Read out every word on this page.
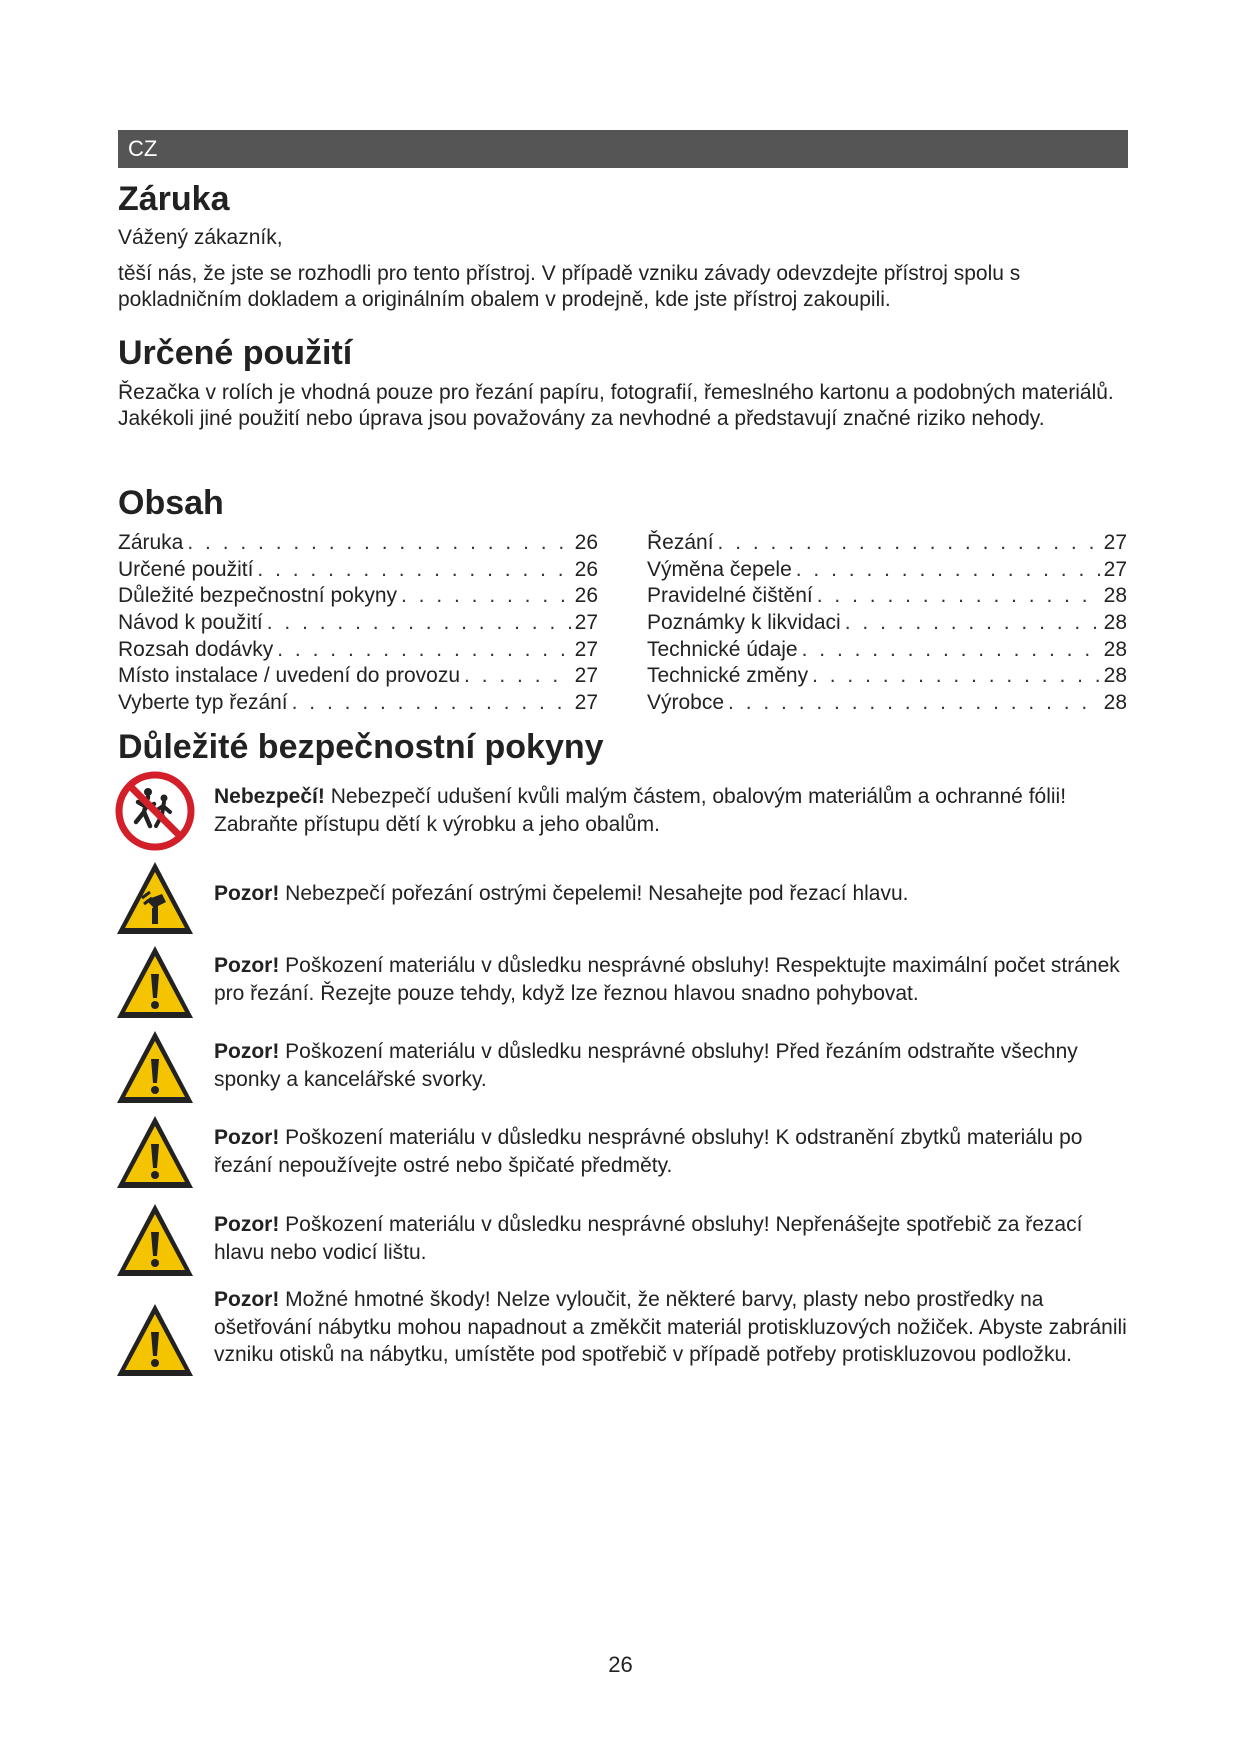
CZ
Záruka

Vážený zákazník,

těší nás, že jste se rozhodli pro tento přístroj. V případě vzniku závady odevzdejte přístroj spolu s pokladničním dokladem a originálním obalem v prodejně, kde jste přístroj zakoupili.

Určené použití

Řezačka v rolích je vhodná pouze pro řezání papíru, fotografií, řemeslného kartonu a podobných materiálů. Jakékoli jiné použití nebo úprava jsou považovány za nevhodné a představují značné riziko nehody.

Obsah
Záruka . . .	26
Určené použití . . .	26
Důležité bezpečnostní pokyny . . .	26
Návod k použití . . .	27
Rozsah dodávky . . .	27
Místo instalace / uvedení do provozu . . .	27
Vyberte typ řezání . . .	27
Řezání . . .	27
Výměna čepele . . .	27
Pravidelné čištění . . .	28
Poznámky k likvidaci . . .	28
Technické údaje . . .	28
Technické změny . . .	28
Výrobce . . .	28
Důležité bezpečnostní pokyny

Nebezpečí! Nebezpečí udušení kvůli malým částem, obalovým materiálům a ochranné fólii! Zabraňte přístupu dětí k výrobku a jeho obalům.

Pozor! Nebezpečí pořezání ostrými čepelemi! Nesahejte pod řezací hlavu.

Pozor! Poškození materiálu v důsledku nesprávné obsluhy! Respektujte maximální počet stránek pro řezání. Řezejte pouze tehdy, když lze řeznou hlavou snadno pohybovat.

Pozor! Poškození materiálu v důsledku nesprávné obsluhy! Před řezáním odstraňte všechny sponky a kancelářské svorky.

Pozor! Poškození materiálu v důsledku nesprávné obsluhy! K odstranění zbytků materiálu po řezání nepoužívejte ostré nebo špičaté předměty.

Pozor! Poškození materiálu v důsledku nesprávné obsluhy! Nepřenášejte spotřebič za řezací hlavu nebo vodicí lištu.

Pozor! Možné hmotné škody! Nelze vyloučit, že některé barvy, plasty nebo prostředky na ošetřování nábytku mohou napadnout a změkčit materiál protiskluzových nožiček. Abyste zabránili vzniku otisků na nábytku, umístěte pod spotřebič v případě potřeby protiskluzovou podložku.

26
